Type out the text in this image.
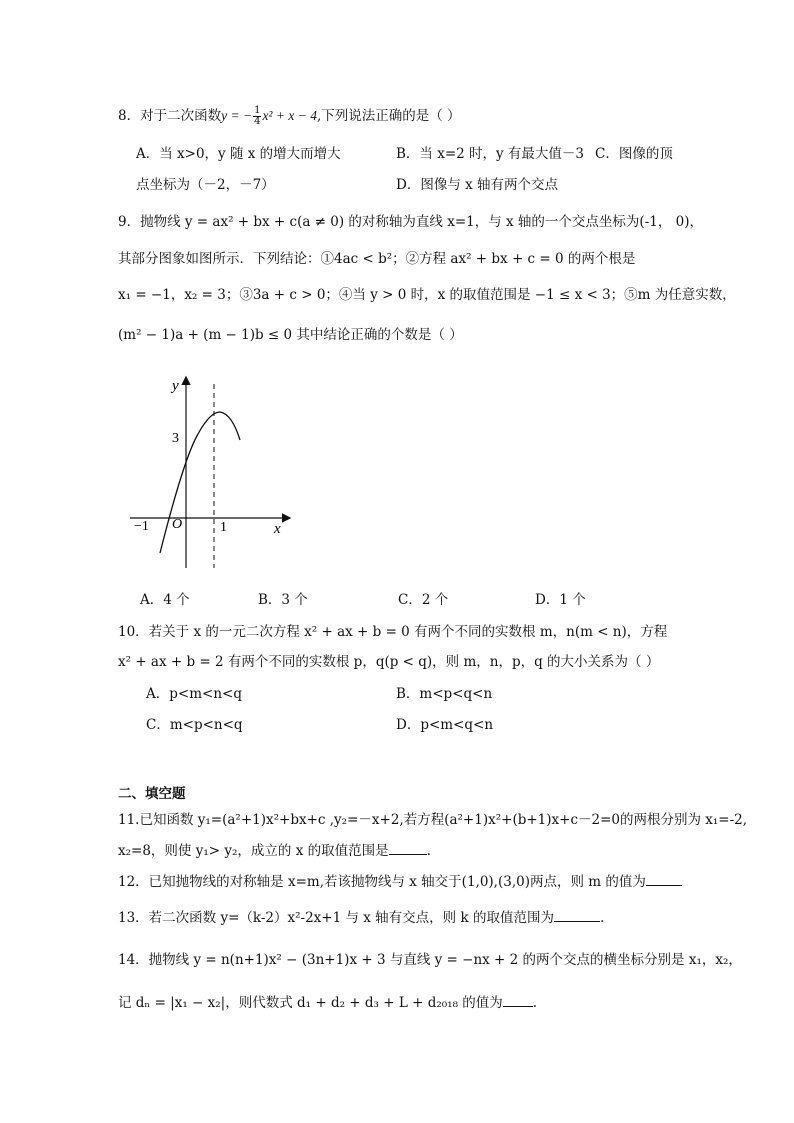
8．对于二次函数y = − $\frac{1}{4} x^2 + x - 4$,下列说法正确的是（ ）
A．当 x>0，y 随 x 的增大而增大	B．当 x=2 时，y 有最大值－3 C．图像的顶
点坐标为（－2，－7）	D．图像与 x 轴有两个交点
9．抛物线 y = ax² + bx + c(a ≠ 0) 的对称轴为直线 x=1，与 x 轴的一个交点坐标为(-1， 0)，
其部分图象如图所示．下列结论：①4ac < b²；②方程 ax² + bx + c = 0 的两个根是
x₁ = −1，x₂ = 3；③3a + c > 0；④当 y > 0 时，x 的取值范围是 −1 ≤ x < 3；⑤m 为任意实数，
(m² − 1)a + (m − 1)b ≤ 0 其中结论正确的个数是（ ）
y
x
O
−1	1
3
A．4 个	B．3 个	C．2 个	D．1 个
10．若关于 x 的一元二次方程 x² + ax + b = 0 有两个不同的实数根 m，n(m < n)，方程
x² + ax + b = 2 有两个不同的实数根 p，q(p < q)，则 m，n，p，q 的大小关系为（ ）
A．p<m<n<q	B．m<p<q<n
C．m<p<n<q	D．p<m<q<n
二、填空题
11.已知函数 y₁=(a²+1)x²+bx+c ,y₂=－x+2,若方程(a²+1)x²+(b+1)x+c－2=0的两根分别为 x₁=-2,
x₂=8，则使 y₁> y₂，成立的 x 的取值范围是	.
12．已知抛物线的对称轴是 x=m,若该抛物线与 x 轴交于(1,0),(3,0)两点，则 m 的值为
13．若二次函数 y=（k-2）x²-2x+1 与 x 轴有交点，则 k 的取值范围为	.
14．抛物线 y = n(n+1)x² − (3n+1)x + 3 与直线 y = −nx + 2 的两个交点的横坐标分别是 x₁，x₂，
记 dₙ = |x₁ − x₂|，则代数式 d₁ + d₂ + d₃ + L + d₂₀₁₈ 的值为 .
